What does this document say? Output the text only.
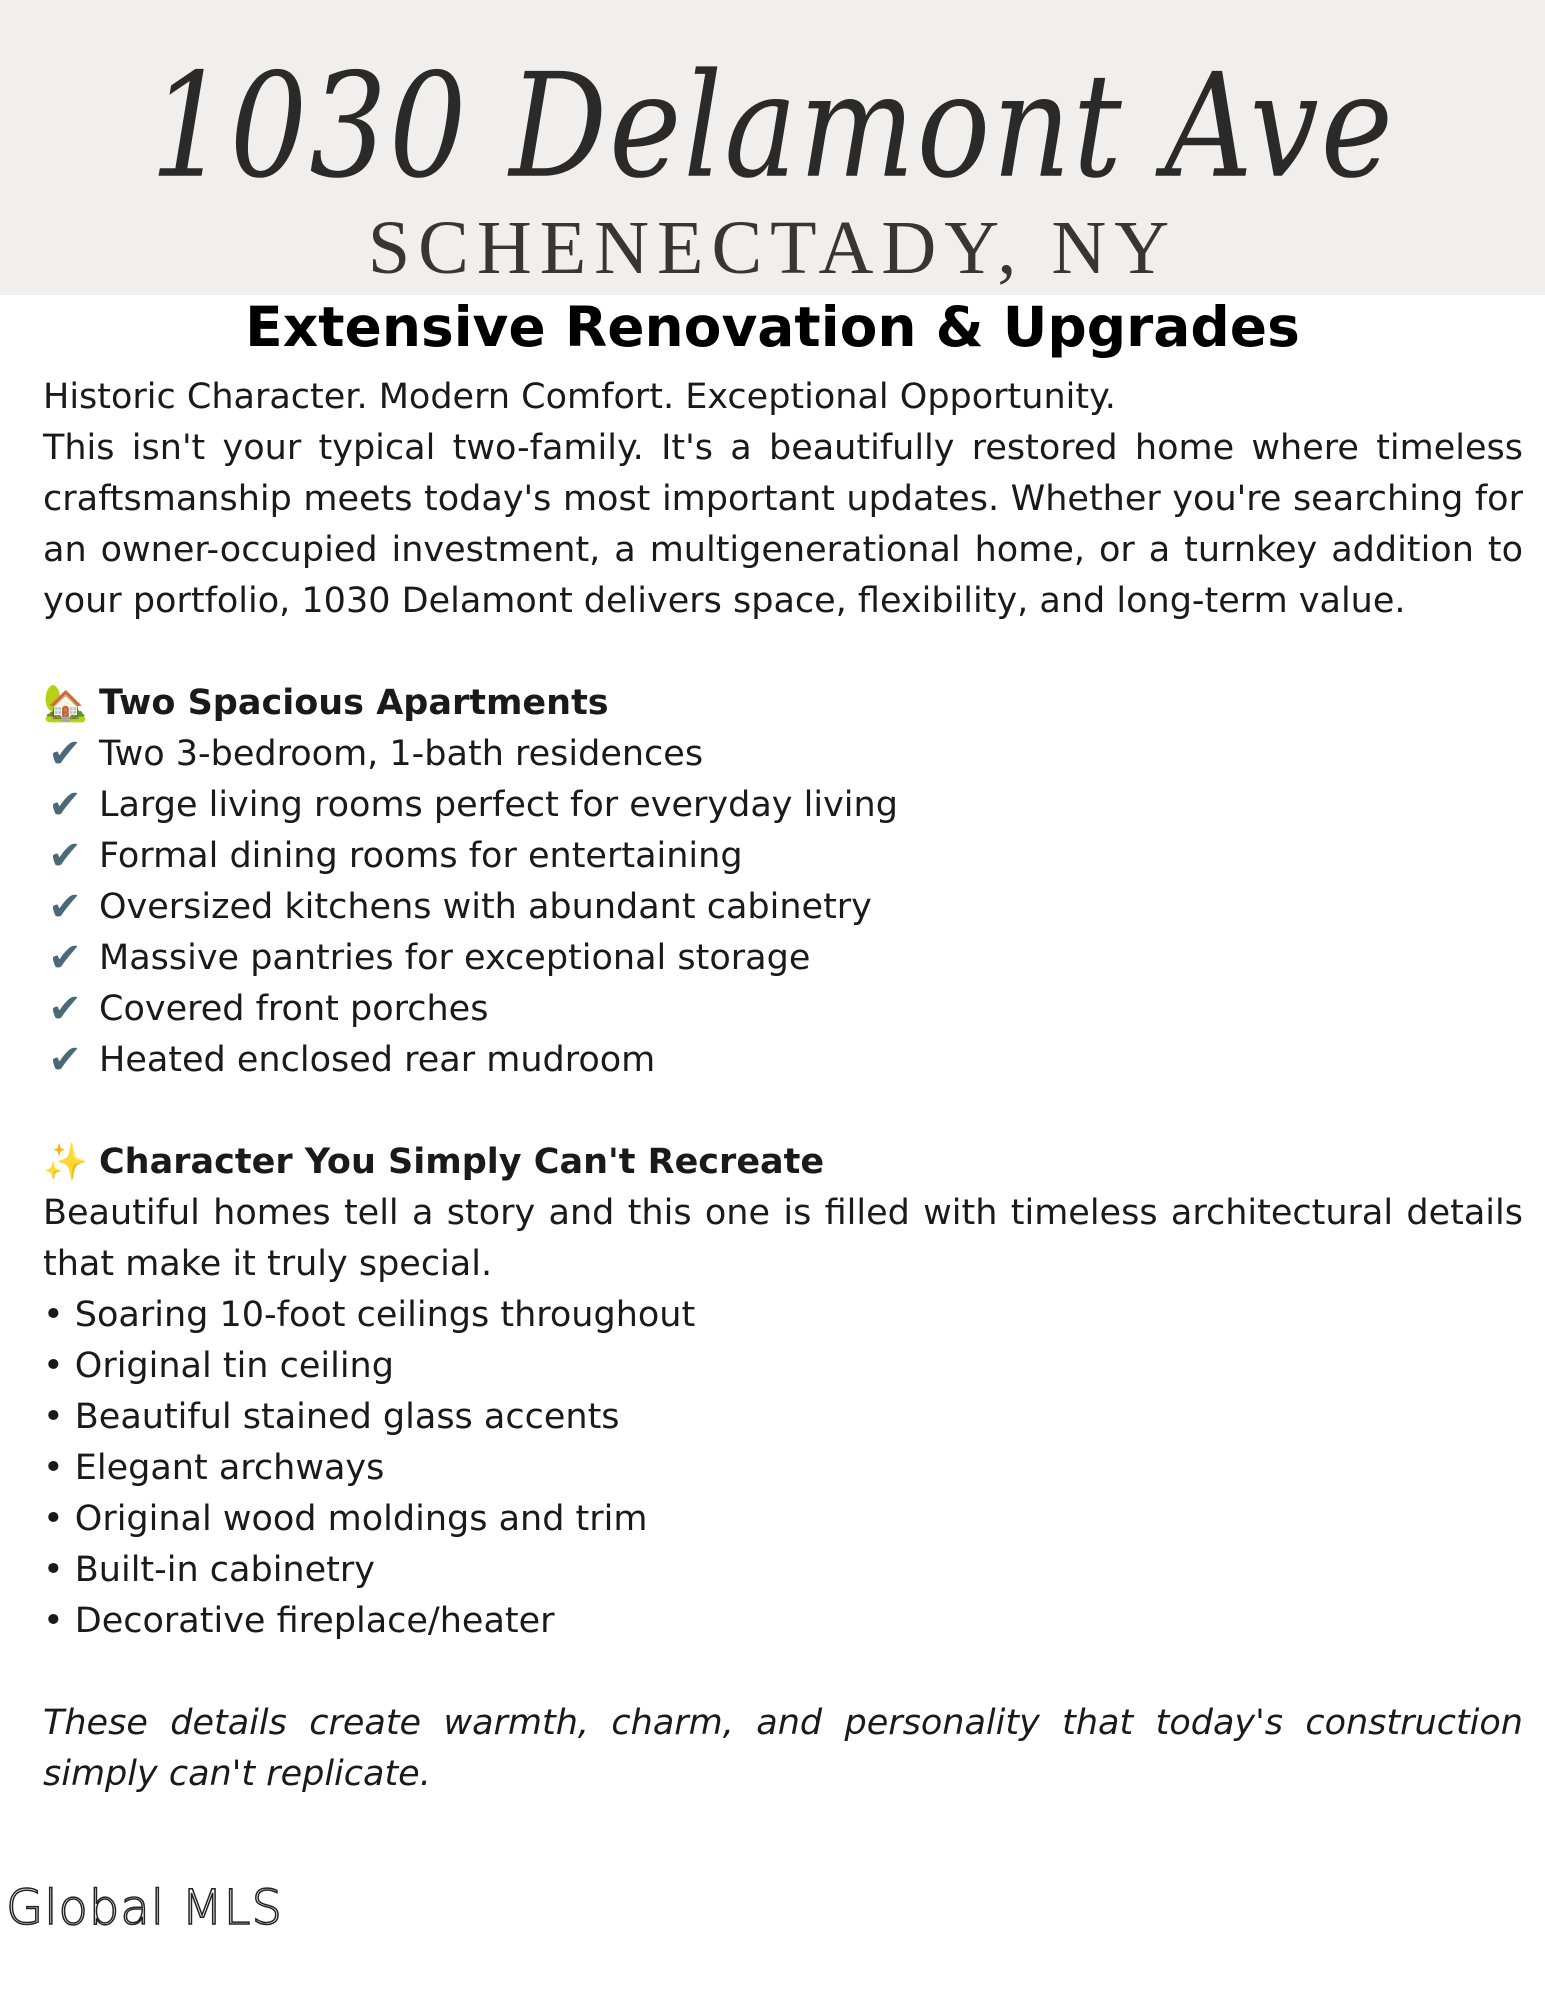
1030 Delamont Ave
SCHENECTADY, NY
Extensive Renovation & Upgrades
Historic Character. Modern Comfort. Exceptional Opportunity.
This isn't your typical two-family. It's a beautifully restored home where timeless craftsmanship meets today's most important updates. Whether you're searching for an owner-occupied investment, a multigenerational home, or a turnkey addition to your portfolio, 1030 Delamont delivers space, flexibility, and long-term value.
🏡 Two Spacious Apartments
✔ Two 3-bedroom, 1-bath residences
✔ Large living rooms perfect for everyday living
✔ Formal dining rooms for entertaining
✔ Oversized kitchens with abundant cabinetry
✔ Massive pantries for exceptional storage
✔ Covered front porches
✔ Heated enclosed rear mudroom
✨ Character You Simply Can't Recreate
Beautiful homes tell a story and this one is filled with timeless architectural details that make it truly special.
• Soaring 10-foot ceilings throughout
• Original tin ceiling
• Beautiful stained glass accents
• Elegant archways
• Original wood moldings and trim
• Built-in cabinetry
• Decorative fireplace/heater
These details create warmth, charm, and personality that today's construction simply can't replicate.
Global MLS
